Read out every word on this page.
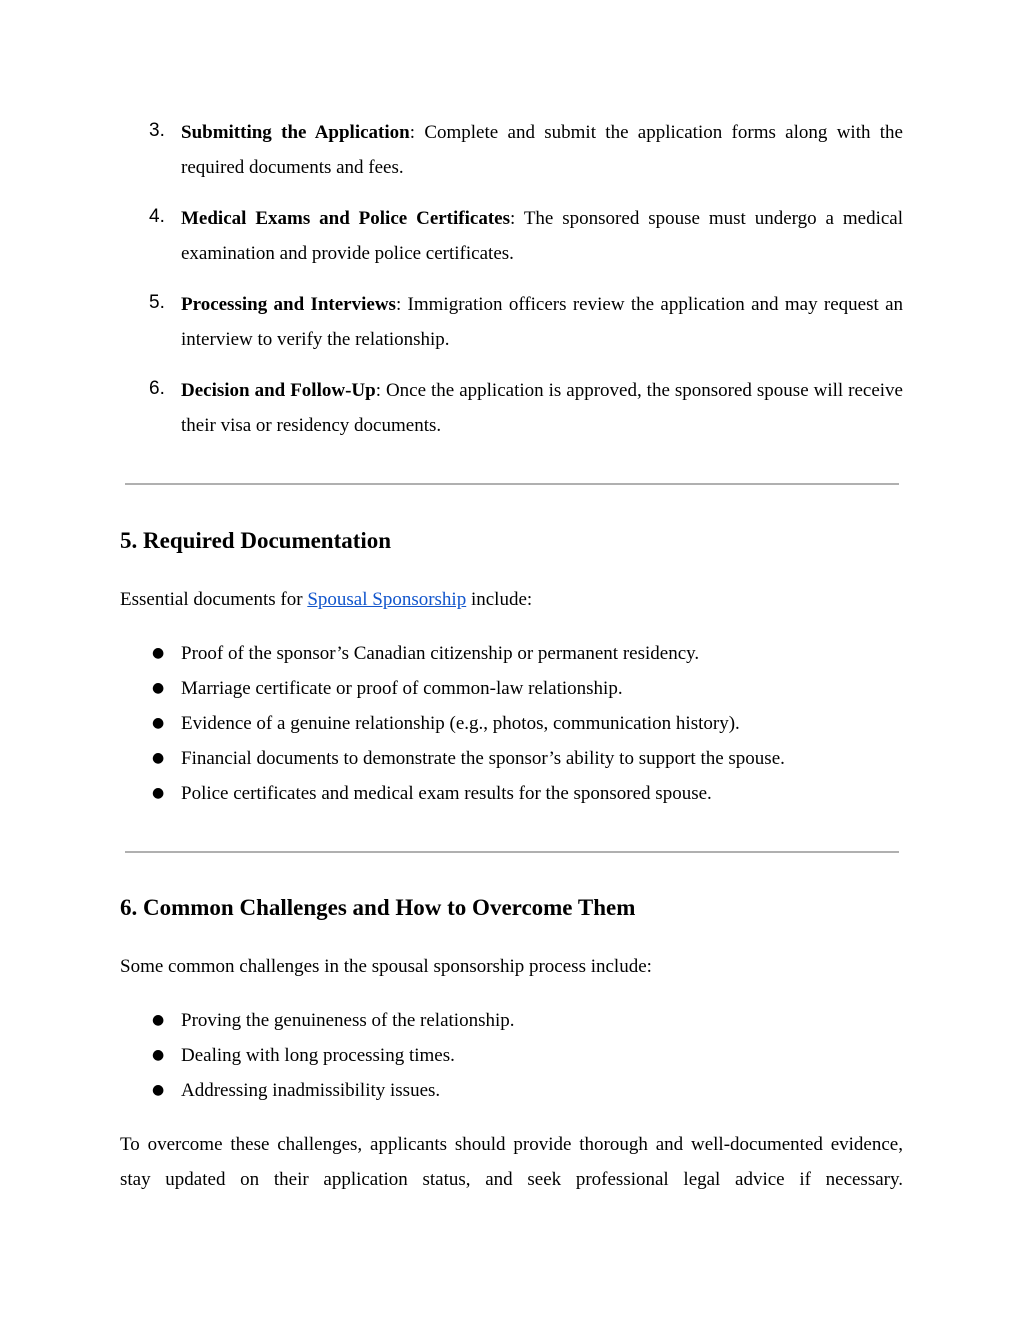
3. Submitting the Application: Complete and submit the application forms along with the required documents and fees.
4. Medical Exams and Police Certificates: The sponsored spouse must undergo a medical examination and provide police certificates.
5. Processing and Interviews: Immigration officers review the application and may request an interview to verify the relationship.
6. Decision and Follow-Up: Once the application is approved, the sponsored spouse will receive their visa or residency documents.
5. Required Documentation

Essential documents for Spousal Sponsorship include:

● Proof of the sponsor’s Canadian citizenship or permanent residency.
● Marriage certificate or proof of common-law relationship.
● Evidence of a genuine relationship (e.g., photos, communication history).
● Financial documents to demonstrate the sponsor’s ability to support the spouse.
● Police certificates and medical exam results for the sponsored spouse.
6. Common Challenges and How to Overcome Them

Some common challenges in the spousal sponsorship process include:

● Proving the genuineness of the relationship.
● Dealing with long processing times.
● Addressing inadmissibility issues.

To overcome these challenges, applicants should provide thorough and well-documented evidence, stay updated on their application status, and seek professional legal advice if necessary.
